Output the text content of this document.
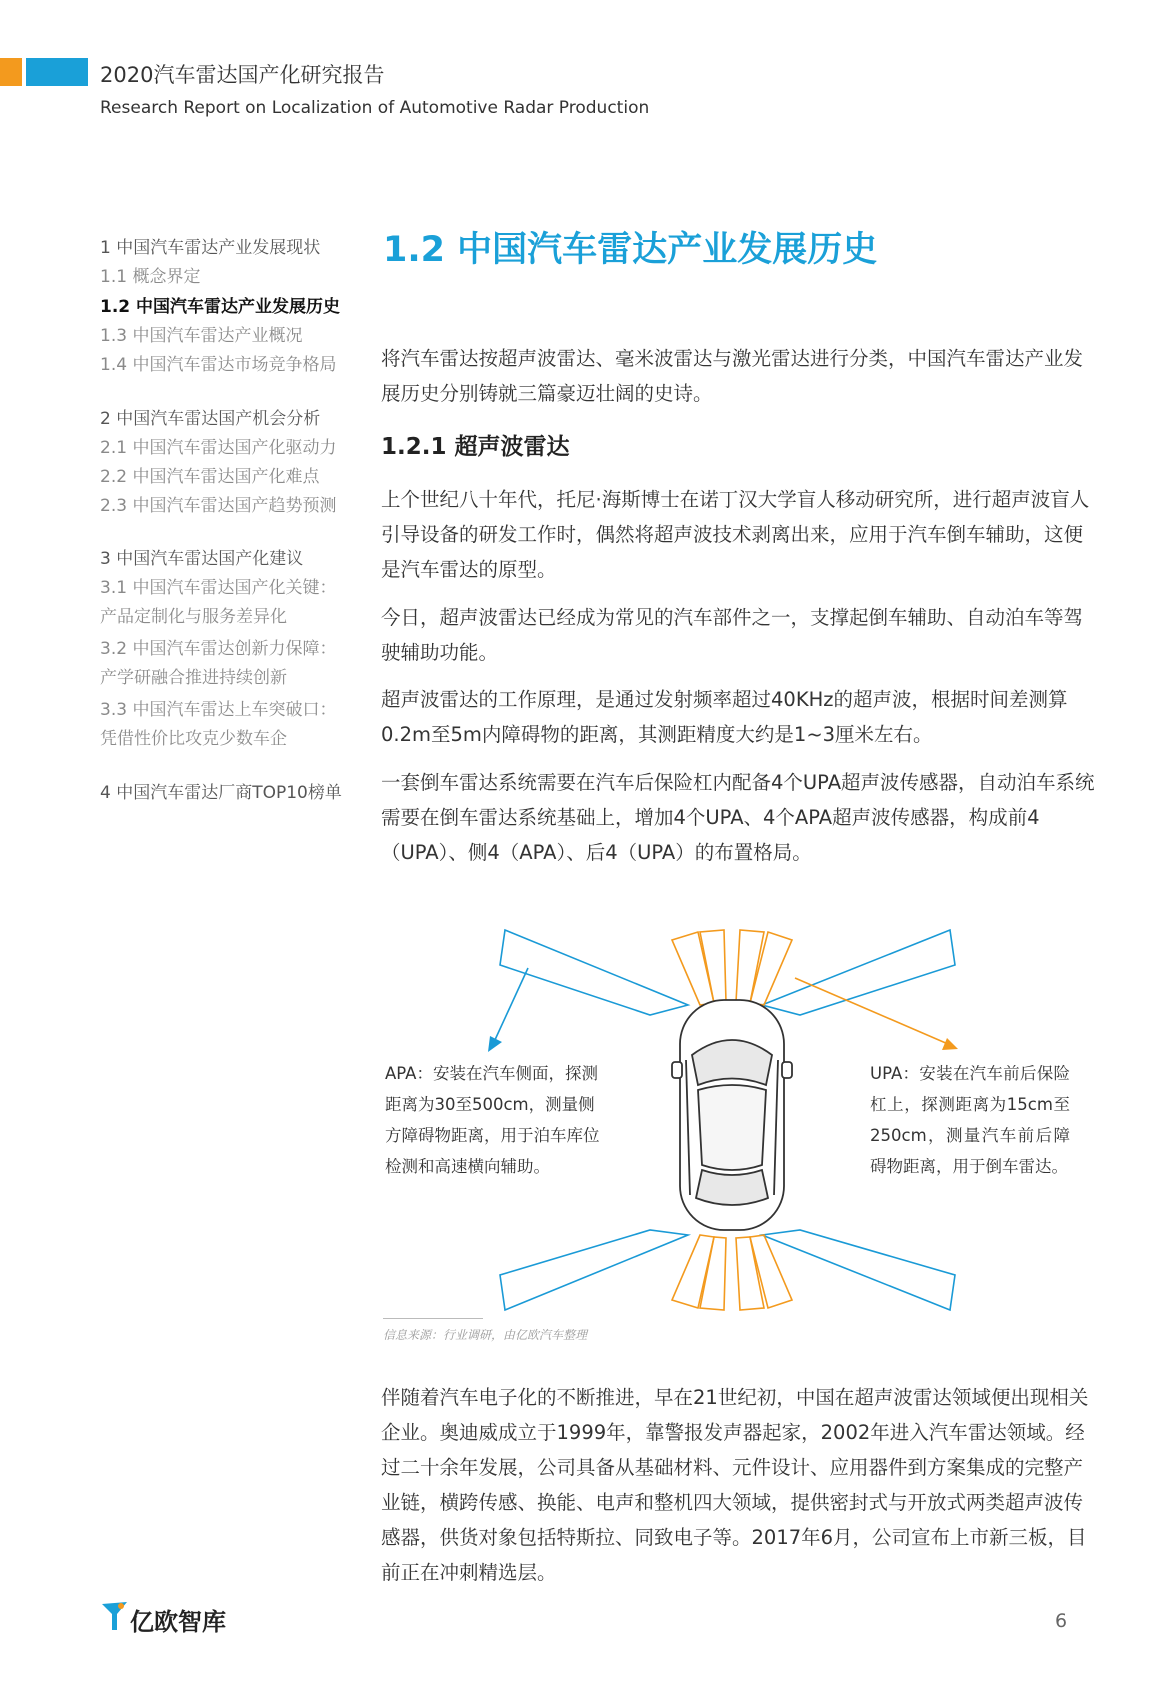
2020汽车雷达国产化研究报告
Research Report on Localization of Automotive Radar Production
1 中国汽车雷达产业发展现状
1.1 概念界定
1.2 中国汽车雷达产业发展历史
1.3 中国汽车雷达产业概况
1.4 中国汽车雷达市场竞争格局
2 中国汽车雷达国产机会分析
2.1 中国汽车雷达国产化驱动力
2.2 中国汽车雷达国产化难点
2.3 中国汽车雷达国产趋势预测
3 中国汽车雷达国产化建议
3.1 中国汽车雷达国产化关键：
产品定制化与服务差异化
3.2 中国汽车雷达创新力保障：
产学研融合推进持续创新
3.3 中国汽车雷达上车突破口：
凭借性价比攻克少数车企
4 中国汽车雷达厂商TOP10榜单
1.2 中国汽车雷达产业发展历史

将汽车雷达按超声波雷达、毫米波雷达与激光雷达进行分类，中国汽车雷达产业发展历史分别铸就三篇豪迈壮阔的史诗。

1.2.1 超声波雷达

上个世纪八十年代，托尼·海斯博士在诺丁汉大学盲人移动研究所，进行超声波盲人引导设备的研发工作时，偶然将超声波技术剥离出来，应用于汽车倒车辅助，这便是汽车雷达的原型。

今日，超声波雷达已经成为常见的汽车部件之一，支撑起倒车辅助、自动泊车等驾驶辅助功能。

超声波雷达的工作原理，是通过发射频率超过40KHz的超声波，根据时间差测算0.2m至5m内障碍物的距离，其测距精度大约是1~3厘米左右。

一套倒车雷达系统需要在汽车后保险杠内配备4个UPA超声波传感器，自动泊车系统需要在倒车雷达系统基础上，增加4个UPA、4个APA超声波传感器，构成前4（UPA）、侧4（APA）、后4（UPA）的布置格局。

APA：安装在汽车侧面，探测距离为30至500cm，测量侧方障碍物距离，用于泊车库位检测和高速横向辅助。
UPA：安装在汽车前后保险杠上，探测距离为15cm至250cm，测量汽车前后障碍物距离，用于倒车雷达。
信息来源：行业调研，由亿欧汽车整理

伴随着汽车电子化的不断推进，早在21世纪初，中国在超声波雷达领域便出现相关企业。奥迪威成立于1999年，靠警报发声器起家，2002年进入汽车雷达领域。经过二十余年发展，公司具备从基础材料、元件设计、应用器件到方案集成的完整产业链，横跨传感、换能、电声和整机四大领域，提供密封式与开放式两类超声波传感器，供货对象包括特斯拉、同致电子等。2017年6月，公司宣布上市新三板，目前正在冲刺精选层。

亿欧智库	6
